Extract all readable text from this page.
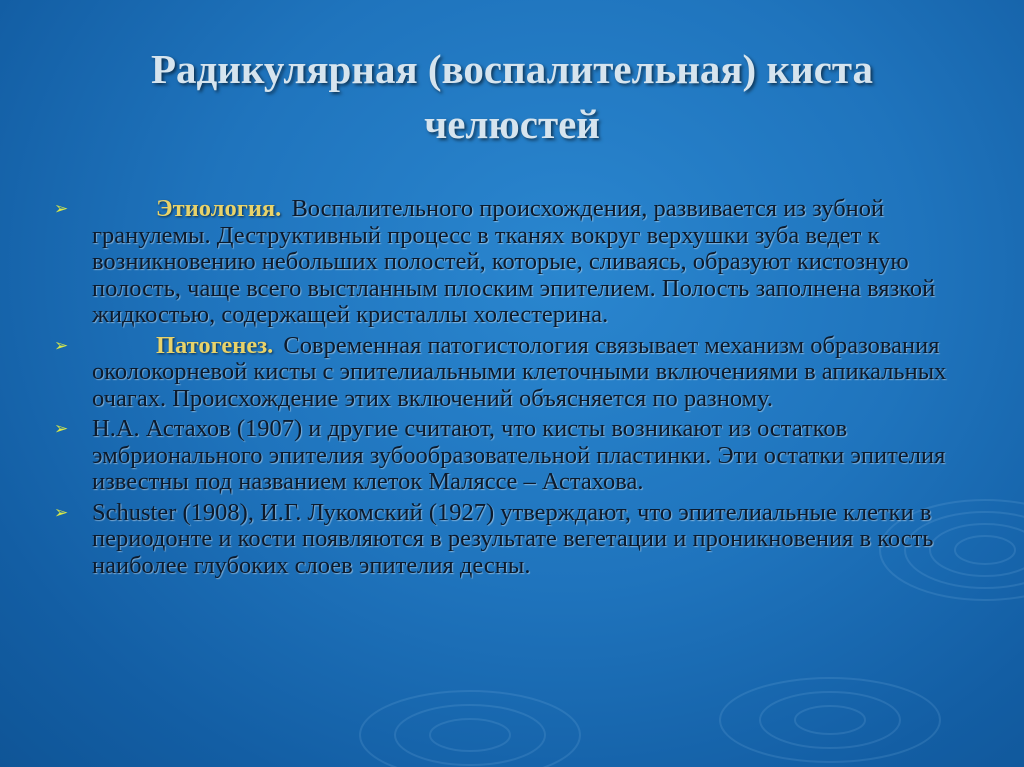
Радикулярная (воспалительная) киста
челюстей
➢	Этиология. Воспалительного происхождения, развивается из зубной гранулемы. Деструктивный процесс в тканях вокруг верхушки зуба ведет к возникновению небольших полостей, которые, сливаясь, образуют кистозную полость, чаще всего выстланным плоским эпителием. Полость заполнена вязкой жидкостью, содержащей кристаллы холестерина.
➢	Патогенез. Современная патогистология связывает механизм образования околокорневой кисты с эпителиальными клеточными включениями в апикальных очагах. Происхождение этих включений объясняется по разному.
➢ Н.А. Астахов (1907) и другие считают, что кисты возникают из остатков эмбрионального эпителия зубообразовательной пластинки. Эти остатки эпителия известны под названием клеток Малясcе – Астахова.
➢ Schuster (1908), И.Г. Лукомский (1927) утверждают, что эпителиальные клетки в периодонте и кости появляются в результате вегетации и проникновения в кость наиболее глубоких слоев эпителия десны.
